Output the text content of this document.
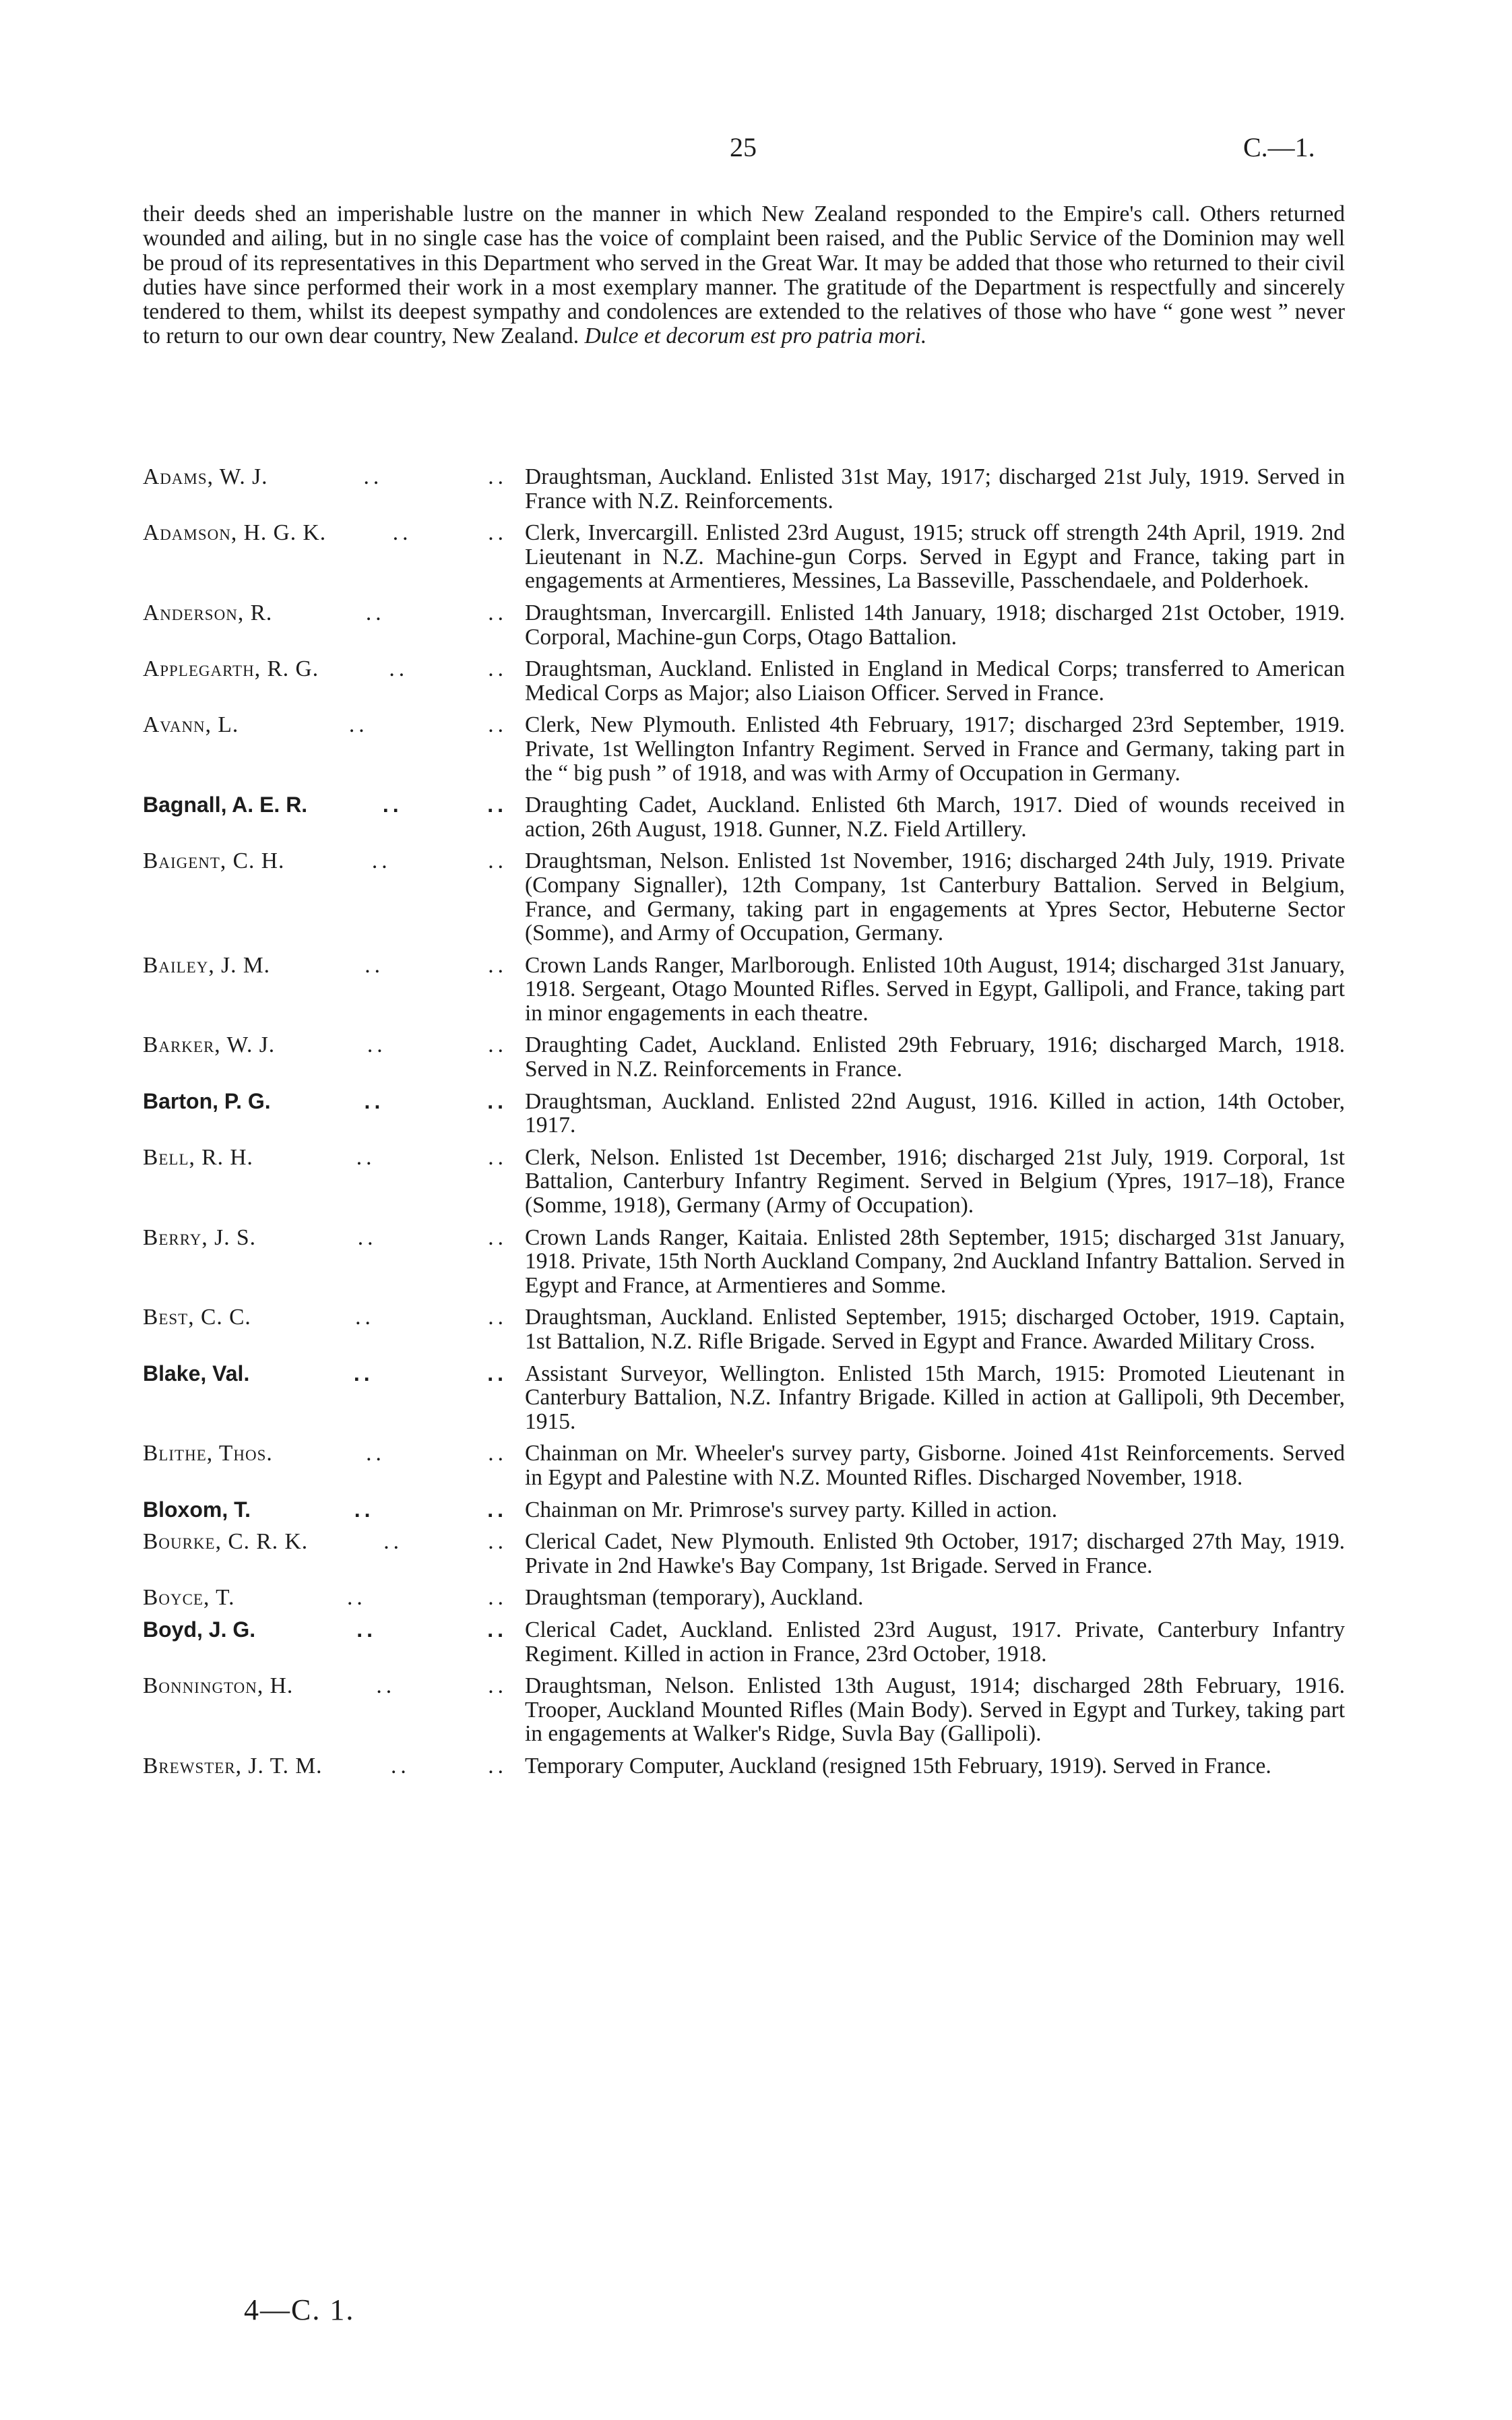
25	C.—1.
their deeds shed an imperishable lustre on the manner in which New Zealand responded to the Empire's call. Others returned wounded and ailing, but in no single case has the voice of complaint been raised, and the Public Service of the Dominion may well be proud of its representatives in this Department who served in the Great War. It may be added that those who returned to their civil duties have since performed their work in a most exemplary manner. The gratitude of the Department is respectfully and sincerely tendered to them, whilst its deepest sympathy and condolences are extended to the relatives of those who have “ gone west ” never to return to our own dear country, New Zealand. Dulce et decorum est pro patria mori.
Adams, W. J.	..	.. Draughtsman, Auckland. Enlisted 31st May, 1917; discharged 21st July, 1919. Served in France with N.Z. Reinforcements.
Adamson, H. G. K.	..	.. Clerk, Invercargill. Enlisted 23rd August, 1915; struck off strength 24th April, 1919. 2nd Lieutenant in N.Z. Machine-gun Corps. Served in Egypt and France, taking part in engagements at Armentieres, Messines, La Basseville, Passchendaele, and Polderhoek.
Anderson, R.	..	.. Draughtsman, Invercargill. Enlisted 14th January, 1918; discharged 21st October, 1919. Corporal, Machine-gun Corps, Otago Battalion.
Applegarth, R. G.	..	.. Draughtsman, Auckland. Enlisted in England in Medical Corps; transferred to American Medical Corps as Major; also Liaison Officer. Served in France.
Avann, L.	..	.. Clerk, New Plymouth. Enlisted 4th February, 1917; discharged 23rd September, 1919. Private, 1st Wellington Infantry Regiment. Served in France and Germany, taking part in the “ big push ” of 1918, and was with Army of Occupation in Germany.
Bagnall, A. E. R.	..	.. Draughting Cadet, Auckland. Enlisted 6th March, 1917. Died of wounds received in action, 26th August, 1918. Gunner, N.Z. Field Artillery.
Baigent, C. H.	..	.. Draughtsman, Nelson. Enlisted 1st November, 1916; discharged 24th July, 1919. Private (Company Signaller), 12th Company, 1st Canterbury Battalion. Served in Belgium, France, and Germany, taking part in engagements at Ypres Sector, Hebuterne Sector (Somme), and Army of Occupation, Germany.
Bailey, J. M.	..	.. Crown Lands Ranger, Marlborough. Enlisted 10th August, 1914; discharged 31st January, 1918. Sergeant, Otago Mounted Rifles. Served in Egypt, Gallipoli, and France, taking part in minor engagements in each theatre.
Barker, W. J.	..	.. Draughting Cadet, Auckland. Enlisted 29th February, 1916; discharged March, 1918. Served in N.Z. Reinforcements in France.
Barton, P. G.	..	.. Draughtsman, Auckland. Enlisted 22nd August, 1916. Killed in action, 14th October, 1917.
Bell, R. H.	..	.. Clerk, Nelson. Enlisted 1st December, 1916; discharged 21st July, 1919. Corporal, 1st Battalion, Canterbury Infantry Regiment. Served in Belgium (Ypres, 1917–18), France (Somme, 1918), Germany (Army of Occupation).
Berry, J. S.	..	.. Crown Lands Ranger, Kaitaia. Enlisted 28th September, 1915; discharged 31st January, 1918. Private, 15th North Auckland Company, 2nd Auckland Infantry Battalion. Served in Egypt and France, at Armentieres and Somme.
Best, C. C.	..	.. Draughtsman, Auckland. Enlisted September, 1915; discharged October, 1919. Captain, 1st Battalion, N.Z. Rifle Brigade. Served in Egypt and France. Awarded Military Cross.
Blake, Val.	..	.. Assistant Surveyor, Wellington. Enlisted 15th March, 1915: Promoted Lieutenant in Canterbury Battalion, N.Z. Infantry Brigade. Killed in action at Gallipoli, 9th December, 1915.
Blithe, Thos.	..	.. Chainman on Mr. Wheeler's survey party, Gisborne. Joined 41st Reinforcements. Served in Egypt and Palestine with N.Z. Mounted Rifles. Discharged November, 1918.
Bloxom, T.	..	.. Chainman on Mr. Primrose's survey party. Killed in action.
Bourke, C. R. K.	..	.. Clerical Cadet, New Plymouth. Enlisted 9th October, 1917; discharged 27th May, 1919. Private in 2nd Hawke's Bay Company, 1st Brigade. Served in France.
Boyce, T.	..	.. Draughtsman (temporary), Auckland.
Boyd, J. G.	..	.. Clerical Cadet, Auckland. Enlisted 23rd August, 1917. Private, Canterbury Infantry Regiment. Killed in action in France, 23rd October, 1918.
Bonnington, H.	..	.. Draughtsman, Nelson. Enlisted 13th August, 1914; discharged 28th February, 1916. Trooper, Auckland Mounted Rifles (Main Body). Served in Egypt and Turkey, taking part in engagements at Walker's Ridge, Suvla Bay (Gallipoli).
Brewster, J. T. M.	..	.. Temporary Computer, Auckland (resigned 15th February, 1919). Served in France.
4—C. 1.
